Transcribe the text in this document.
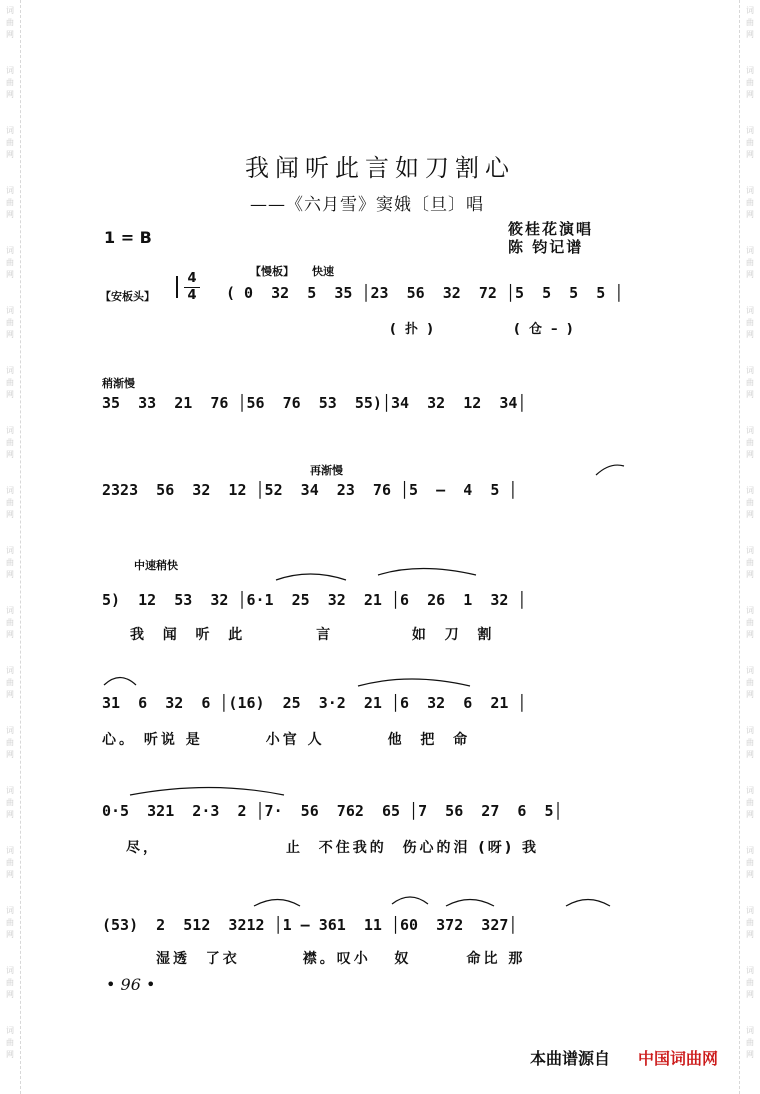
词
曲
网
词
曲
网
词
曲
网
词
曲
网
词
曲
网
词
曲
网
词
曲
网
词
曲
网
词
曲
网
词
曲
网
词
曲
网
词
曲
网
词
曲
网
词
曲
网
词
曲
网
词
曲
网
词
曲
网
词
曲
网
词
曲
网
词
曲
网
词
曲
网
词
曲
网
词
曲
网
词
曲
网
词
曲
网
词
曲
网
词
曲
网
词
曲
网
词
曲
网
词
曲
网
词
曲
网
词
曲
网
词
曲
网
词
曲
网
词
曲
网
词
曲
网
我闻听此言如刀割心
——《六月雪》窦娥〔旦〕唱
1 = B	筱桂花演唱
陈 钧记谱
【慢板】 快速
【安板头】
4
4	( 0  32  5  35 │23  56  32  72 │5  5  5  5 │
(  扑  )	(  仓  –  )
稍渐慢
35  33  21  76 │56  76  53  55)│34  32  12  34│
再渐慢
2323  56  32  12 │52  34  23  76 │5  –  4  5 │
中速稍快
5)  12  53  32 │6·1  25  32  21 │6  26  1  32 │
我  闻  听  此         言          如  刀  割
31  6  32  6 │(16)  25  3·2  21 │6  32  6  21 │
心。 听说 是        小官 人        他  把  命
0·5  321  2·3  2 │7·  56  762  65 │7  56  27  6  5│
尽，                止  不住我的  伤心的泪 (呀) 我
(53)  2  512  3212 │1 – 361  11 │60  372  327│
湿透  了衣        襟。叹小   奴       命比 那
• 96 •
本曲谱源自 中国词曲网
